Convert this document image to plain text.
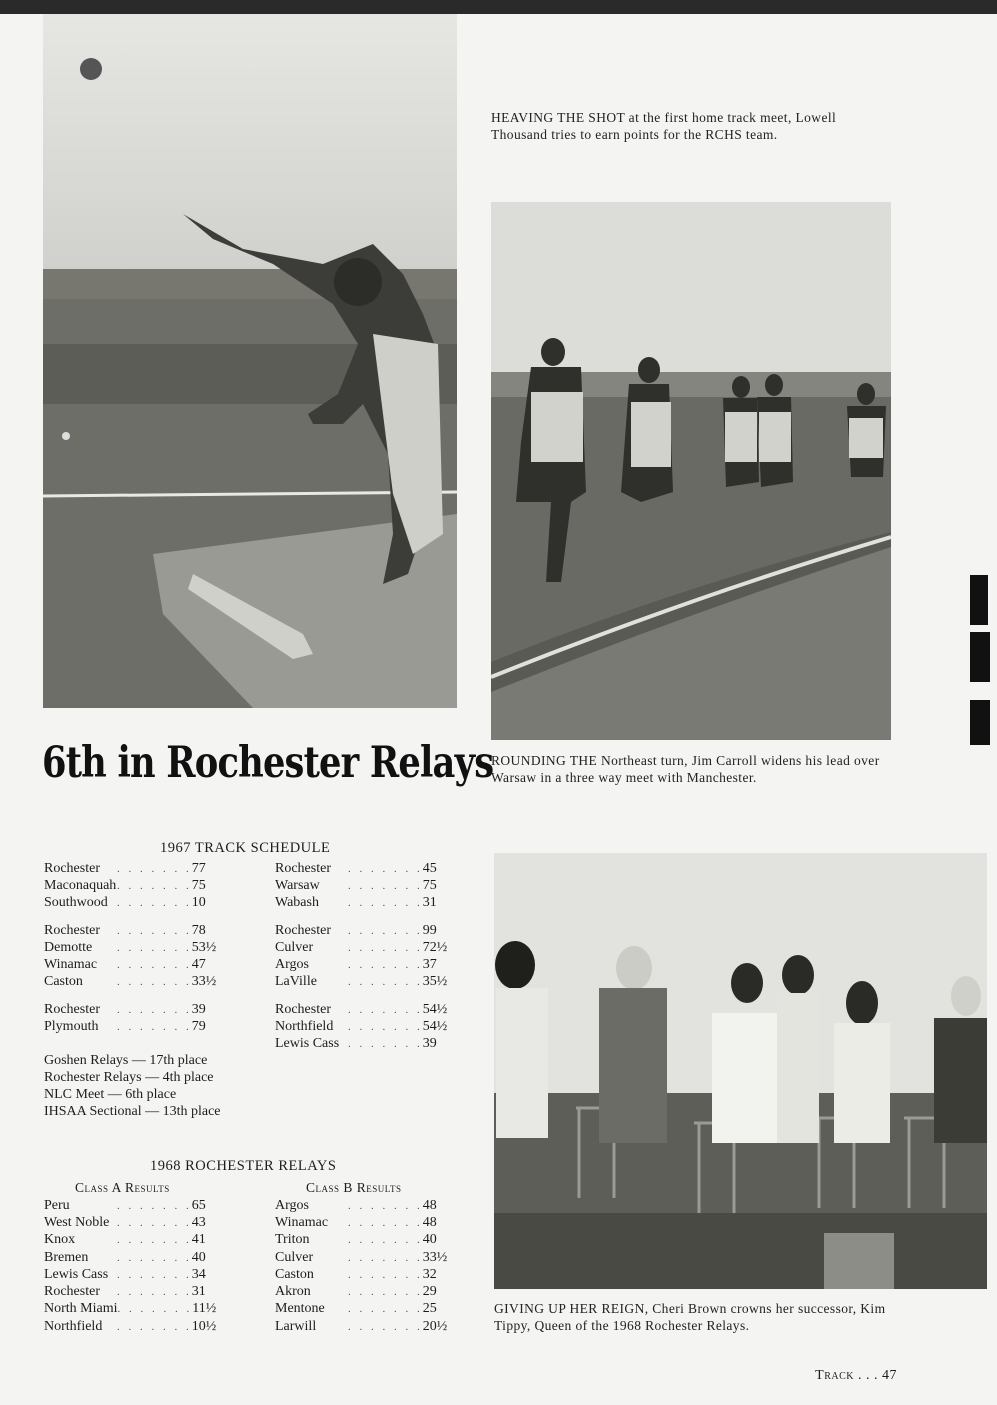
HEAVING THE SHOT at the first home track meet, Lowell Thousand tries to earn points for the RCHS team.
6th in Rochester Relays
ROUNDING THE Northeast turn, Jim Carroll widens his lead over Warsaw in a three way meet with Manchester.
1967 TRACK SCHEDULE
Rochester	. . . . . . . 77
Maconaquah . . . . . . . 75
Southwood . . . . . . . 10
Rochester	. . . . . . . 78
Demotte	. . . . . . . 53½
Winamac	. . . . . . . 47
Caston	. . . . . . . 33½
Rochester	. . . . . . . 39
Plymouth	. . . . . . . 79
Rochester	. . . . . . . 45
Warsaw	. . . . . . . 75
Wabash	. . . . . . . 31
Rochester	. . . . . . . 99
Culver	. . . . . . . 72½
Argos	. . . . . . . 37
LaVille	. . . . . . . 35½
Rochester	. . . . . . . 54½
Northfield	. . . . . . . 54½
Lewis Cass . . . . . . . 39
Goshen Relays — 17th place
Rochester Relays — 4th place
NLC Meet — 6th place
IHSAA Sectional — 13th place
1968 ROCHESTER RELAYS
Class A Results	Class B Results
Peru	. . . . . . . 65
West Noble . . . . . . . 43
Knox	. . . . . . . 41
Bremen	. . . . . . . 40
Lewis Cass . . . . . . . 34
Rochester	. . . . . . . 31
North Miami . . . . . . . 11½
Northfield	. . . . . . . 10½
Argos	. . . . . . . 48
Winamac	. . . . . . . 48
Triton	. . . . . . . 40
Culver	. . . . . . . 33½
Caston	. . . . . . . 32
Akron	. . . . . . . 29
Mentone	. . . . . . . 25
Larwill	. . . . . . . 20½
GIVING UP HER REIGN, Cheri Brown crowns her successor, Kim Tippy, Queen of the 1968 Rochester Relays.
Track . . . 47
